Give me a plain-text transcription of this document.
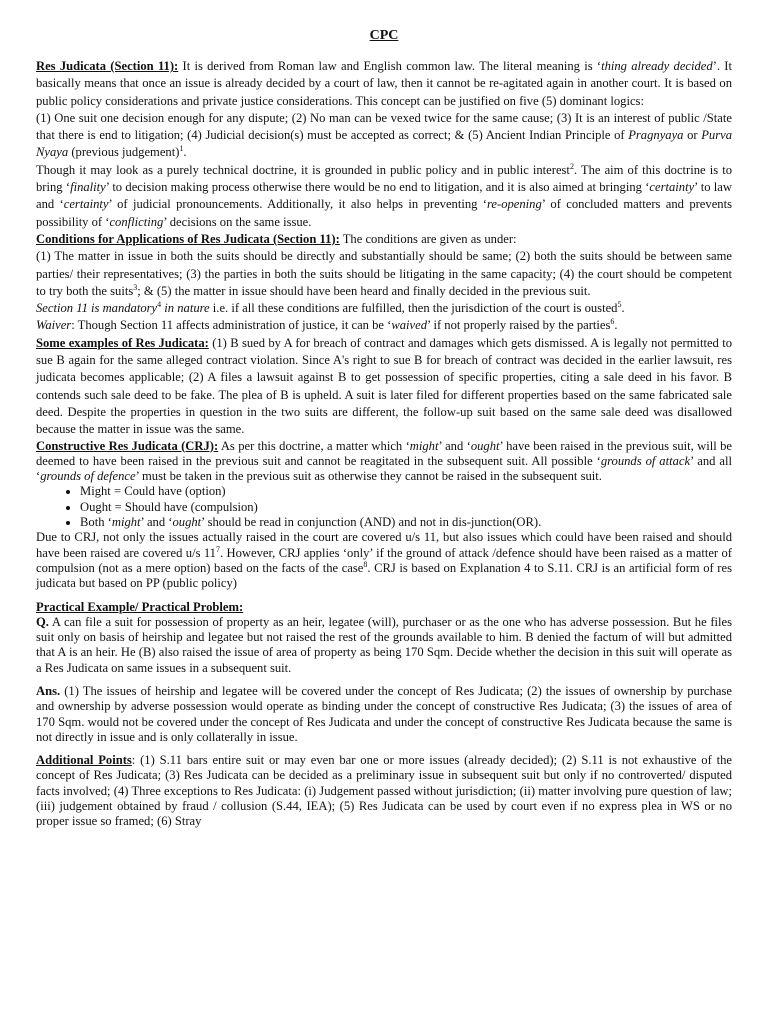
CPC

Res Judicata (Section 11): It is derived from Roman law and English common law. The literal meaning is ‘thing already decided’. It basically means that once an issue is already decided by a court of law, then it cannot be re-agitated again in another court. It is based on public policy considerations and private justice considerations. This concept can be justified on five (5) dominant logics:

(1) One suit one decision enough for any dispute; (2) No man can be vexed twice for the same cause; (3) It is an interest of public /State that there is end to litigation; (4) Judicial decision(s) must be accepted as correct; & (5) Ancient Indian Principle of Pragnyaya or Purva Nyaya (previous judgement)$^1$.

Though it may look as a purely technical doctrine, it is grounded in public policy and in public interest$^2$. The aim of this doctrine is to bring ‘finality’ to decision making process otherwise there would be no end to litigation, and it is also aimed at bringing ‘certainty’ to law and ‘certainty’ of judicial pronouncements. Additionally, it also helps in preventing ‘re-opening’ of concluded matters and prevents possibility of ‘conflicting’ decisions on the same issue.

Conditions for Applications of Res Judicata (Section 11): The conditions are given as under:

(1) The matter in issue in both the suits should be directly and substantially should be same; (2) both the suits should be between same parties/ their representatives; (3) the parties in both the suits should be litigating in the same capacity; (4) the court should be competent to try both the suits$^3$; & (5) the matter in issue should have been heard and finally decided in the previous suit.

Section 11 is mandatory$^4$ in nature i.e. if all these conditions are fulfilled, then the jurisdiction of the court is ousted$^5$.

Waiver: Though Section 11 affects administration of justice, it can be ‘waived’ if not properly raised by the parties$^6$.

Some examples of Res Judicata: (1) B sued by A for breach of contract and damages which gets dismissed. A is legally not permitted to sue B again for the same alleged contract violation. Since A's right to sue B for breach of contract was decided in the earlier lawsuit, res judicata becomes applicable; (2) A files a lawsuit against B to get possession of specific properties, citing a sale deed in his favor. B contends such sale deed to be fake. The plea of B is upheld. A suit is later filed for different properties based on the same fabricated sale deed. Despite the properties in question in the two suits are different, the follow-up suit based on the same sale deed was disallowed because the matter in issue was the same.

Constructive Res Judicata (CRJ): As per this doctrine, a matter which ‘might’ and ‘ought’ have been raised in the previous suit, will be deemed to have been raised in the previous suit and cannot be reagitated in the subsequent suit. All possible ‘grounds of attack’ and all ‘grounds of defence’ must be taken in the previous suit as otherwise they cannot be raised in the subsequent suit.

• Might = Could have (option)
• Ought = Should have (compulsion)
• Both ‘might’ and ‘ought’ should be read in conjunction (AND) and not in dis-junction(OR).

Due to CRJ, not only the issues actually raised in the court are covered u/s 11, but also issues which could have been raised and should have been raised are covered u/s $11^7$. However, CRJ applies ‘only’ if the ground of attack /defence should have been raised as a matter of compulsion (not as a mere option) based on the facts of the case$^8$. CRJ is based on Explanation 4 to S.11. CRJ is an artificial form of res judicata but based on PP (public policy)

Practical Example/ Practical Problem:

Q. A can file a suit for possession of property as an heir, legatee (will), purchaser or as the one who has adverse possession. But he files suit only on basis of heirship and legatee but not raised the rest of the grounds available to him. B denied the factum of will but admitted that A is an heir. He (B) also raised the issue of area of property as being 170 Sqm. Decide whether the decision in this suit will operate as a Res Judicata on same issues in a subsequent suit.

Ans. (1) The issues of heirship and legatee will be covered under the concept of Res Judicata; (2) the issues of ownership by purchase and ownership by adverse possession would operate as binding under the concept of constructive Res Judicata; (3) the issues of area of 170 Sqm. would not be covered under the concept of Res Judicata and under the concept of constructive Res Judicata because the same is not directly in issue and is only collaterally in issue.

Additional Points: (1) S.11 bars entire suit or may even bar one or more issues (already decided); (2) S.11 is not exhaustive of the concept of Res Judicata; (3) Res Judicata can be decided as a preliminary issue in subsequent suit but only if no controverted/ disputed facts involved; (4) Three exceptions to Res Judicata: (i) Judgement passed without jurisdiction; (ii) matter involving pure question of law; (iii) judgement obtained by fraud / collusion (S.44, IEA); (5) Res Judicata can be used by court even if no express plea in WS or no proper issue so framed; (6) Stray
